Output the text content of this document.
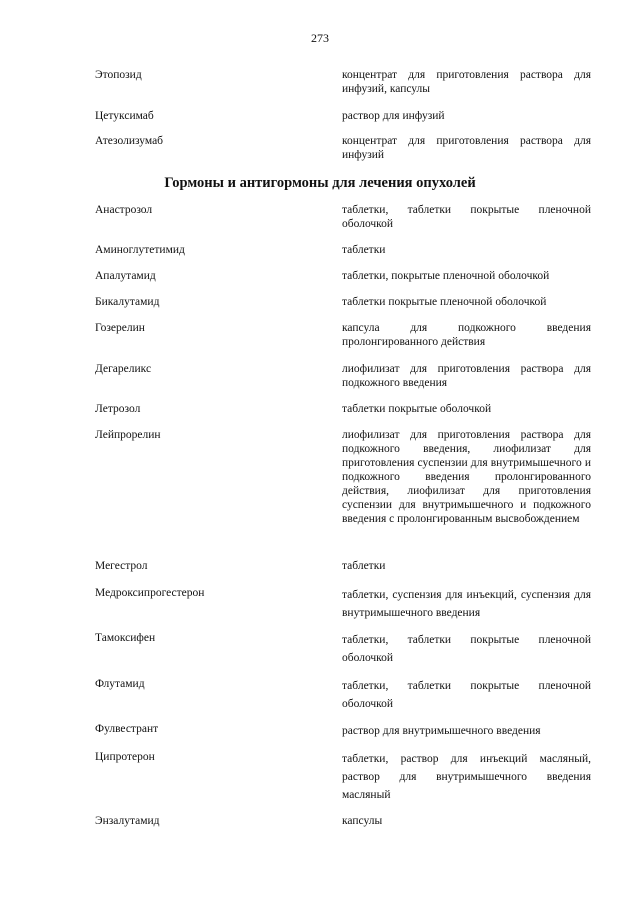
273
Этопозид	концентрат для приготовления раствора для инфузий, капсулы
Цетуксимаб	раствор для инфузий
Атезолизумаб	концентрат для приготовления раствора для инфузий
Гормоны и антигормоны для лечения опухолей
Анастрозол	таблетки, таблетки покрытые пленочной оболочкой
Аминоглутетимид	таблетки
Апалутамид	таблетки, покрытые пленочной оболочкой
Бикалутамид	таблетки покрытые пленочной оболочкой
Гозерелин	капсула для подкожного введения пролонгированного действия
Дегареликс	лиофилизат для приготовления раствора для подкожного введения
Летрозол	таблетки покрытые оболочкой
Лейпрорелин	лиофилизат для приготовления раствора для подкожного введения, лиофилизат для приготовления суспензии для внутримышечного и подкожного введения пролонгированного действия, лиофилизат для приготовления суспензии для внутримышечного и подкожного введения с пролонгированным высвобождением
Мегестрол	таблетки
Медроксипрогестерон	таблетки, суспензия для инъекций, суспензия для внутримышечного введения
Тамоксифен	таблетки, таблетки покрытые пленочной оболочкой
Флутамид	таблетки, таблетки покрытые пленочной оболочкой
Фулвестрант	раствор для внутримышечного введения
Ципротерон	таблетки, раствор для инъекций масляный, раствор для внутримышечного введения масляный
Энзалутамид	капсулы
